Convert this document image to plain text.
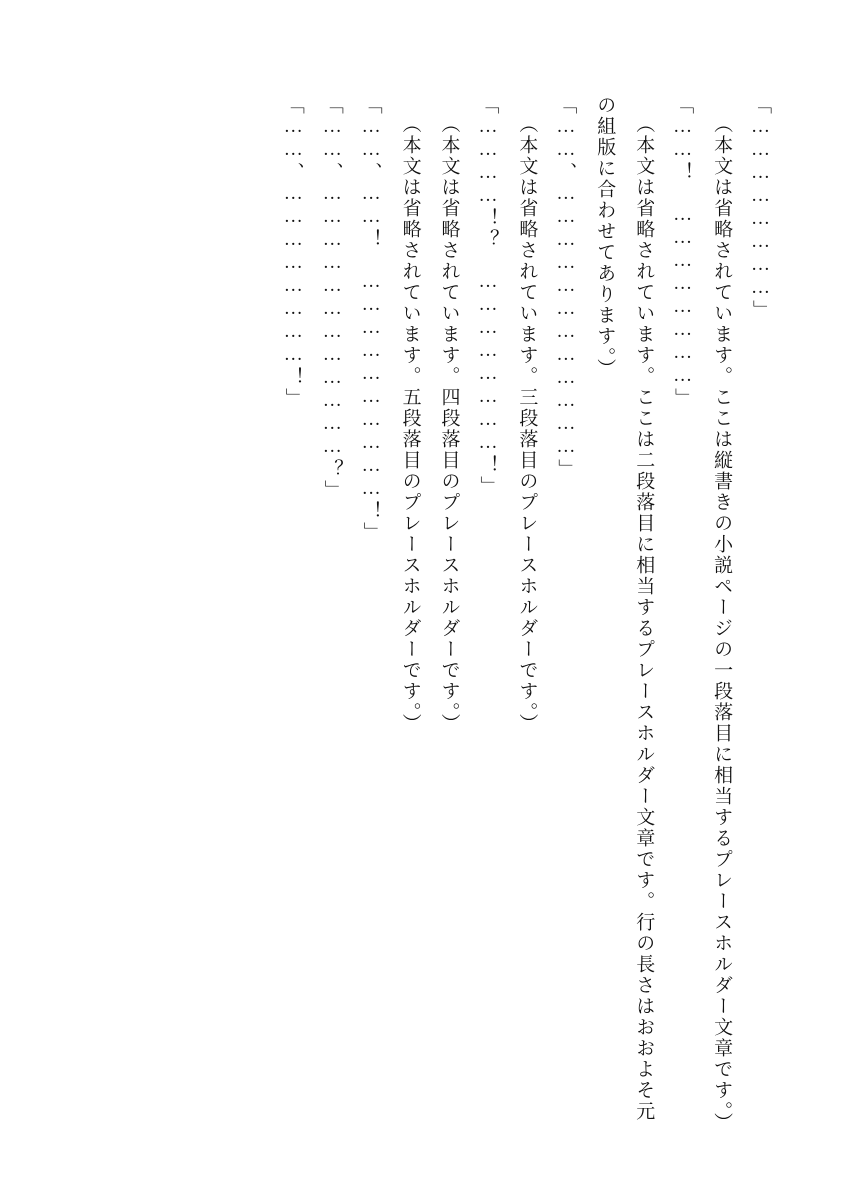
「……………………」

（本文は省略されています。ここは縦書きの小説ページの一段落目に相当するプレースホルダー文章です。）

「……！　……………………」

（本文は省略されています。ここは二段落目に相当するプレースホルダー文章です。行の長さはおおよそ元の組版に合わせてあります。）

「……、………………………………」

（本文は省略されています。三段落目のプレースホルダーです。）

「…………！？　……………………！」

（本文は省略されています。四段落目のプレースホルダーです。）

（本文は省略されています。五段落目のプレースホルダーです。）

「……、……！　…………………………！」

「……、………………………………？」

「……、……………………！」
